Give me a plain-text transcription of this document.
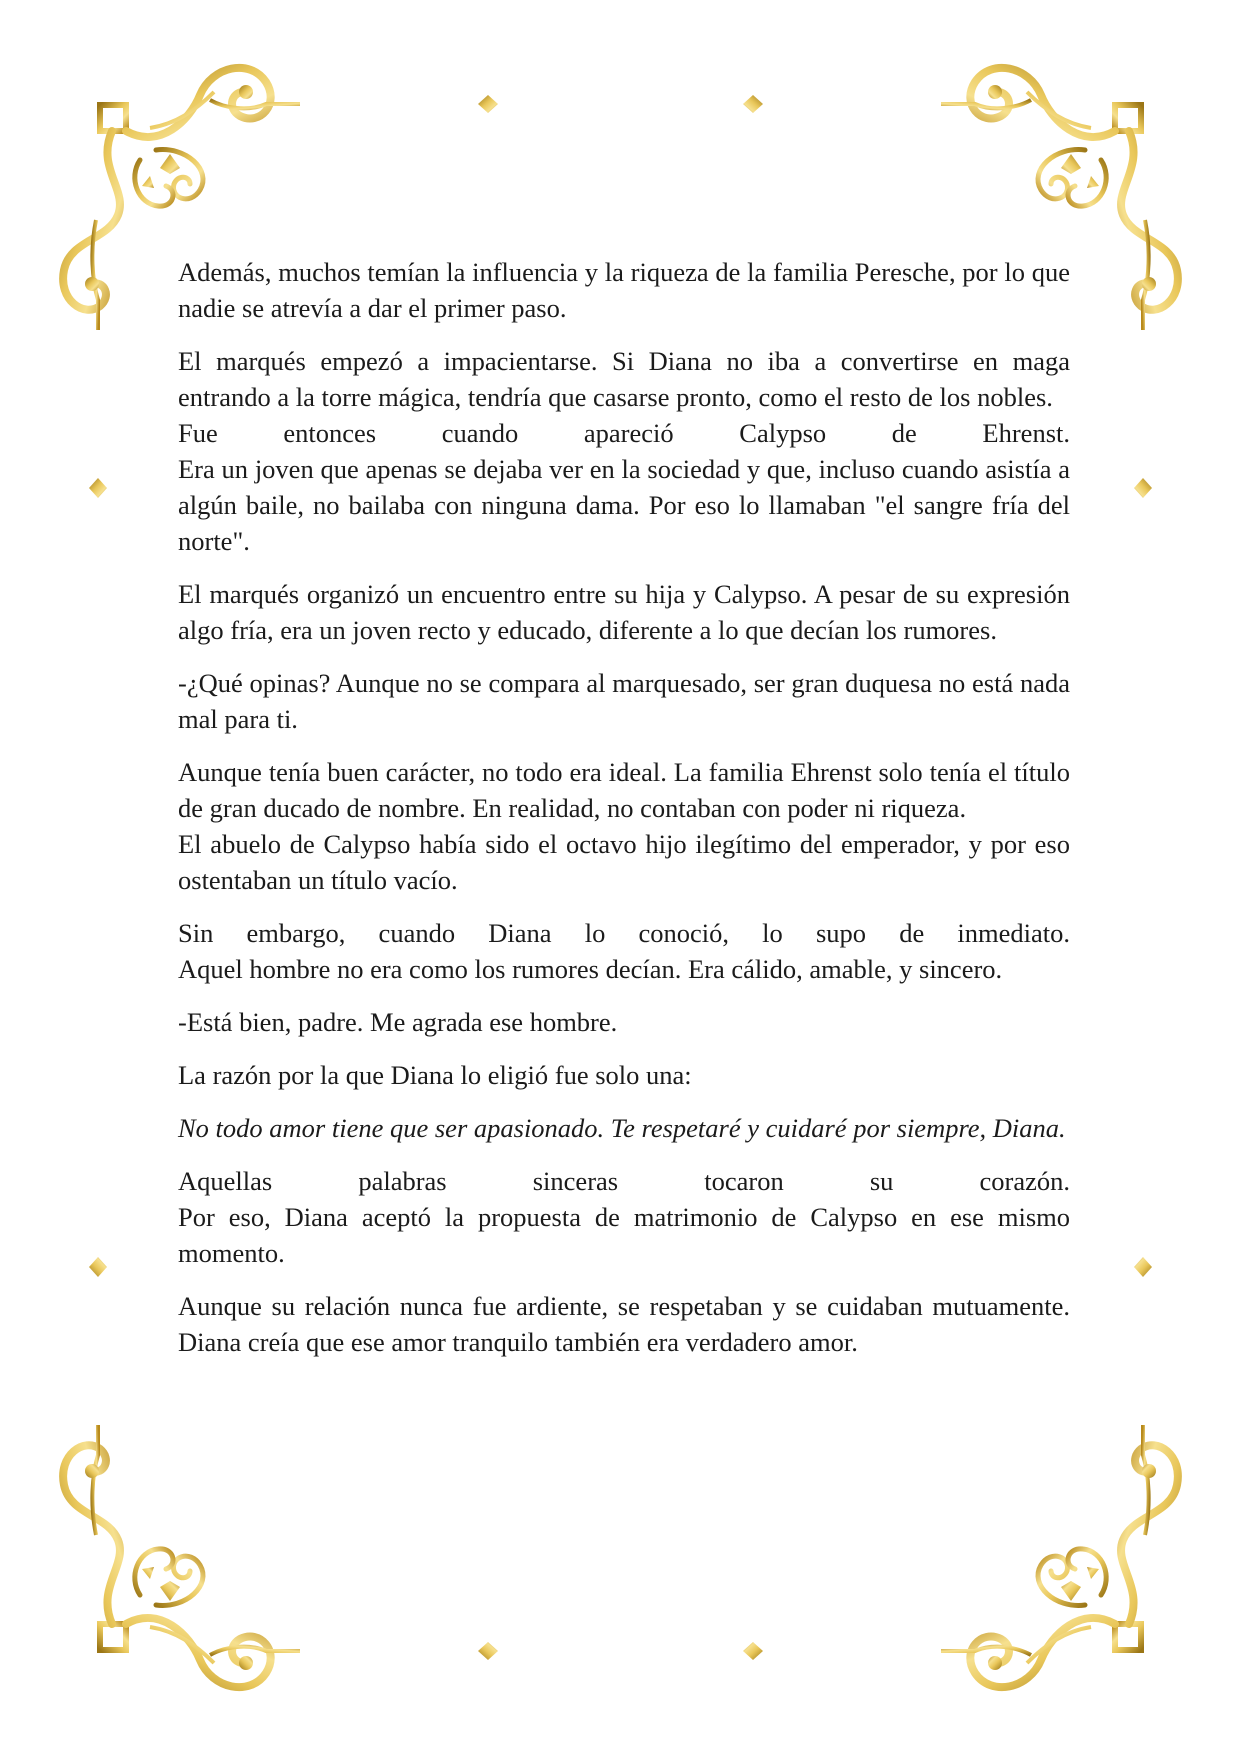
Además, muchos temían la influencia y la riqueza de la familia Peresche, por lo que nadie se atrevía a dar el primer paso.

El marqués empezó a impacientarse. Si Diana no iba a convertirse en maga entrando a la torre mágica, tendría que casarse pronto, como el resto de los nobles.
Fue entonces cuando apareció Calypso de Ehrenst.
Era un joven que apenas se dejaba ver en la sociedad y que, incluso cuando asistía a algún baile, no bailaba con ninguna dama. Por eso lo llamaban "el sangre fría del norte".

El marqués organizó un encuentro entre su hija y Calypso. A pesar de su expresión algo fría, era un joven recto y educado, diferente a lo que decían los rumores.

-¿Qué opinas? Aunque no se compara al marquesado, ser gran duquesa no está nada mal para ti.

Aunque tenía buen carácter, no todo era ideal. La familia Ehrenst solo tenía el título de gran ducado de nombre. En realidad, no contaban con poder ni riqueza.
El abuelo de Calypso había sido el octavo hijo ilegítimo del emperador, y por eso ostentaban un título vacío.

Sin embargo, cuando Diana lo conoció, lo supo de inmediato.
Aquel hombre no era como los rumores decían. Era cálido, amable, y sincero.

-Está bien, padre. Me agrada ese hombre.

La razón por la que Diana lo eligió fue solo una:

No todo amor tiene que ser apasionado. Te respetaré y cuidaré por siempre, Diana.

Aquellas palabras sinceras tocaron su corazón.
Por eso, Diana aceptó la propuesta de matrimonio de Calypso en ese mismo momento.

Aunque su relación nunca fue ardiente, se respetaban y se cuidaban mutuamente. Diana creía que ese amor tranquilo también era verdadero amor.
